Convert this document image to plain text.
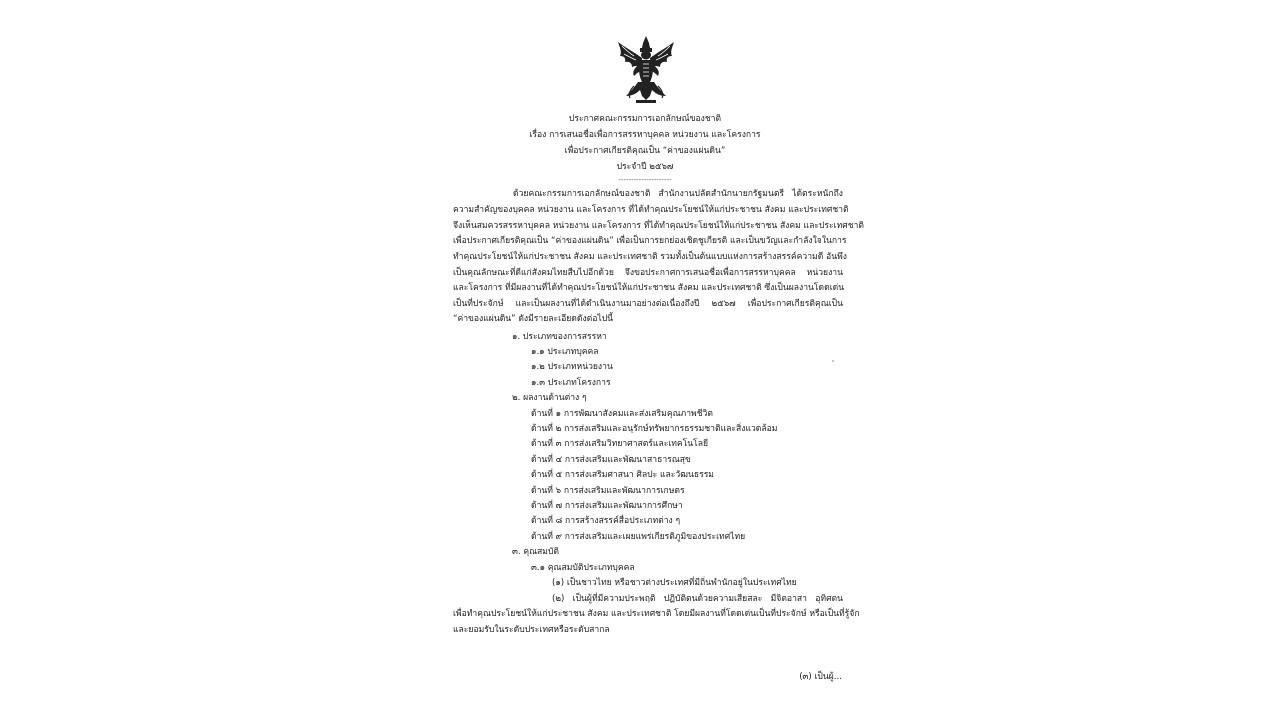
ประกาศคณะกรรมการเอกลักษณ์ของชาติ
เรื่อง การเสนอชื่อเพื่อการสรรหาบุคคล หน่วยงาน และโครงการ
เพื่อประกาศเกียรติคุณเป็น “ค่าของแผ่นดิน”
ประจำปี ๒๕๖๗
---------------------
ด้วยคณะกรรมการเอกลักษณ์ของชาติ สำนักงานปลัดสำนักนายกรัฐมนตรี ได้ตระหนักถึง
ความสำคัญของบุคคล หน่วยงาน และโครงการ ที่ได้ทำคุณประโยชน์ให้แก่ประชาชน สังคม และประเทศชาติ
จึงเห็นสมควรสรรหาบุคคล หน่วยงาน และโครงการ ที่ได้ทำคุณประโยชน์ให้แก่ประชาชน สังคม และประเทศชาติ
เพื่อประกาศเกียรติคุณเป็น “ค่าของแผ่นดิน” เพื่อเป็นการยกย่องเชิดชูเกียรติ และเป็นขวัญและกำลังใจในการ
ทำคุณประโยชน์ให้แก่ประชาชน สังคม และประเทศชาติ รวมทั้งเป็นต้นแบบแห่งการสร้างสรรค์ความดี อันพึง
เป็นคุณลักษณะที่ดีแก่สังคมไทยสืบไปอีกด้วย จึงขอประกาศการเสนอชื่อเพื่อการสรรหาบุคคล หน่วยงาน
และโครงการ ที่มีผลงานที่ได้ทำคุณประโยชน์ให้แก่ประชาชน สังคม และประเทศชาติ ซึ่งเป็นผลงานโดดเด่น
เป็นที่ประจักษ์ และเป็นผลงานที่ได้ดำเนินงานมาอย่างต่อเนื่องถึงปี ๒๕๖๗ เพื่อประกาศเกียรติคุณเป็น
“ค่าของแผ่นดิน” ดังมีรายละเอียดดังต่อไปนี้
๑. ประเภทของการสรรหา
๑.๑ ประเภทบุคคล
๑.๒ ประเภทหน่วยงาน
๑.๓ ประเภทโครงการ
๒. ผลงานด้านต่าง ๆ
ด้านที่ ๑ การพัฒนาสังคมและส่งเสริมคุณภาพชีวิต
ด้านที่ ๒ การส่งเสริมและอนุรักษ์ทรัพยากรธรรมชาติและสิ่งแวดล้อม
ด้านที่ ๓ การส่งเสริมวิทยาศาสตร์และเทคโนโลยี
ด้านที่ ๔ การส่งเสริมและพัฒนาสาธารณสุข
ด้านที่ ๕ การส่งเสริมศาสนา ศิลปะ และวัฒนธรรม
ด้านที่ ๖ การส่งเสริมและพัฒนาการเกษตร
ด้านที่ ๗ การส่งเสริมและพัฒนาการศึกษา
ด้านที่ ๘ การสร้างสรรค์สื่อประเภทต่าง ๆ
ด้านที่ ๙ การส่งเสริมและเผยแพร่เกียรติภูมิของประเทศไทย
๓. คุณสมบัติ
๓.๑ คุณสมบัติประเภทบุคคล
(๑) เป็นชาวไทย หรือชาวต่างประเทศที่มีถิ่นพำนักอยู่ในประเทศไทย
(๒) เป็นผู้ที่มีความประพฤติ ปฏิบัติตนด้วยความเสียสละ มีจิตอาสา อุทิศตน
เพื่อทำคุณประโยชน์ให้แก่ประชาชน สังคม และประเทศชาติ โดยมีผลงานที่โดดเด่นเป็นที่ประจักษ์ หรือเป็นที่รู้จัก
และยอมรับในระดับประเทศหรือระดับสากล
(๓) เป็นผู้...
